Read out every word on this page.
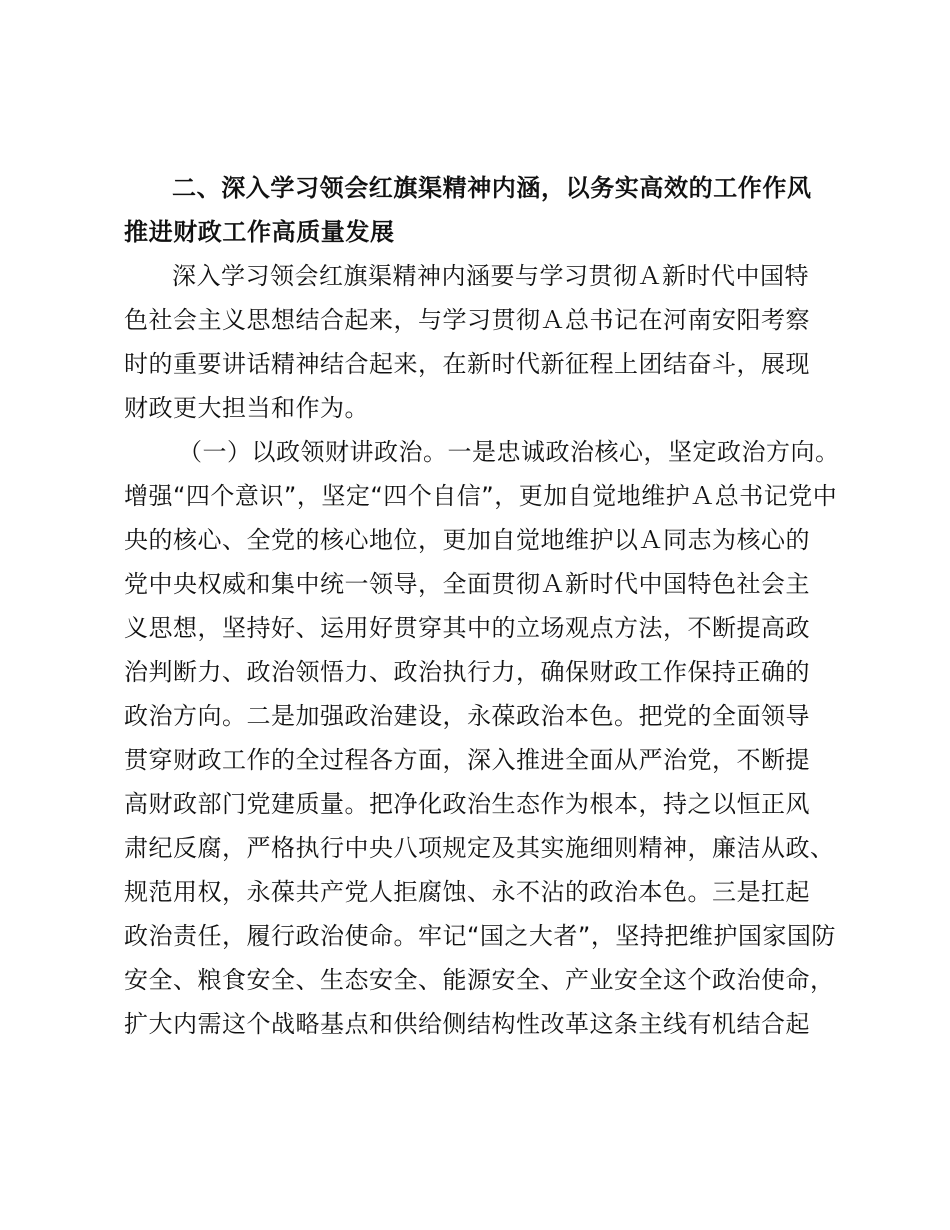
二、深入学习领会红旗渠精神内涵，以务实高效的工作作风

推进财政工作高质量发展

深入学习领会红旗渠精神内涵要与学习贯彻Ａ新时代中国特

色社会主义思想结合起来，与学习贯彻Ａ总书记在河南安阳考察

时的重要讲话精神结合起来，在新时代新征程上团结奋斗，展现

财政更大担当和作为。

（一）以政领财讲政治。一是忠诚政治核心，坚定政治方向。

增强“四个意识”，坚定“四个自信”，更加自觉地维护Ａ总书记党中

央的核心、全党的核心地位，更加自觉地维护以Ａ同志为核心的

党中央权威和集中统一领导，全面贯彻Ａ新时代中国特色社会主

义思想，坚持好、运用好贯穿其中的立场观点方法，不断提高政

治判断力、政治领悟力、政治执行力，确保财政工作保持正确的

政治方向。二是加强政治建设，永葆政治本色。把党的全面领导

贯穿财政工作的全过程各方面，深入推进全面从严治党，不断提

高财政部门党建质量。把净化政治生态作为根本，持之以恒正风

肃纪反腐，严格执行中央八项规定及其实施细则精神，廉洁从政、

规范用权，永葆共产党人拒腐蚀、永不沾的政治本色。三是扛起

政治责任，履行政治使命。牢记“国之大者”，坚持把维护国家国防

安全、粮食安全、生态安全、能源安全、产业安全这个政治使命，

扩大内需这个战略基点和供给侧结构性改革这条主线有机结合起
